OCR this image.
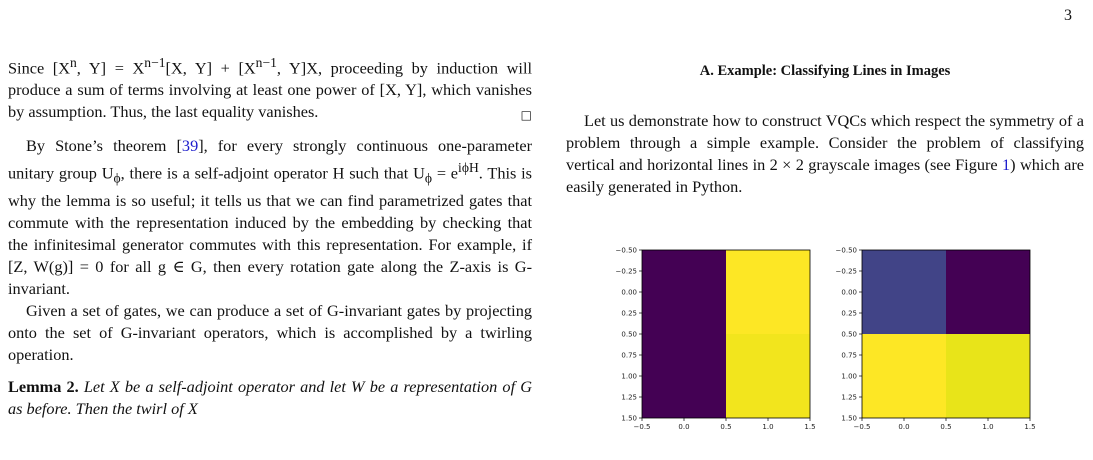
3

Since [$X^n$, $Y] = X^{n-1}[X$, $Y] + [X^{n-1}$, Y]X, proceeding by induction will produce a sum of terms involving at least one power of [X, Y], which vanishes by assumption. Thus, the last equality vanishes.	□

By Stone’s theorem [39], for every strongly continuous one-parameter unitary group $U_\phi$, there is a self-adjoint operator H such that $U_\phi = e^{i\phi H}$. This is why the lemma is so useful; it tells us that we can find parametrized gates that commute with the representation induced by the embedding by checking that the infinitesimal generator commutes with this representation. For example, if [Z, W(g)] = 0 for all g ∈ G, then every rotation gate along the Z-axis is G-invariant.

Given a set of gates, we can produce a set of G-invariant gates by projecting onto the set of G-invariant operators, which is accomplished by a twirling operation.

Lemma 2. Let X be a self-adjoint operator and let W be a representation of G as before. Then the twirl of X

A. Example: Classifying Lines in Images

Let us demonstrate how to construct VQCs which respect the symmetry of a problem through a simple example. Consider the problem of classifying vertical and horizontal lines in 2 × 2 grayscale images (see Figure 1) which are easily generated in Python.

−0.5	0.0	0.5	1.0	1.5
−0.50
−0.25
0.00
0.25
0.50
0.75
1.00
1.25
1.50
−0.5	0.0	0.5	1.0	1.5
−0.50
−0.25
0.00
0.25
0.50
0.75
1.00
1.25
1.50
